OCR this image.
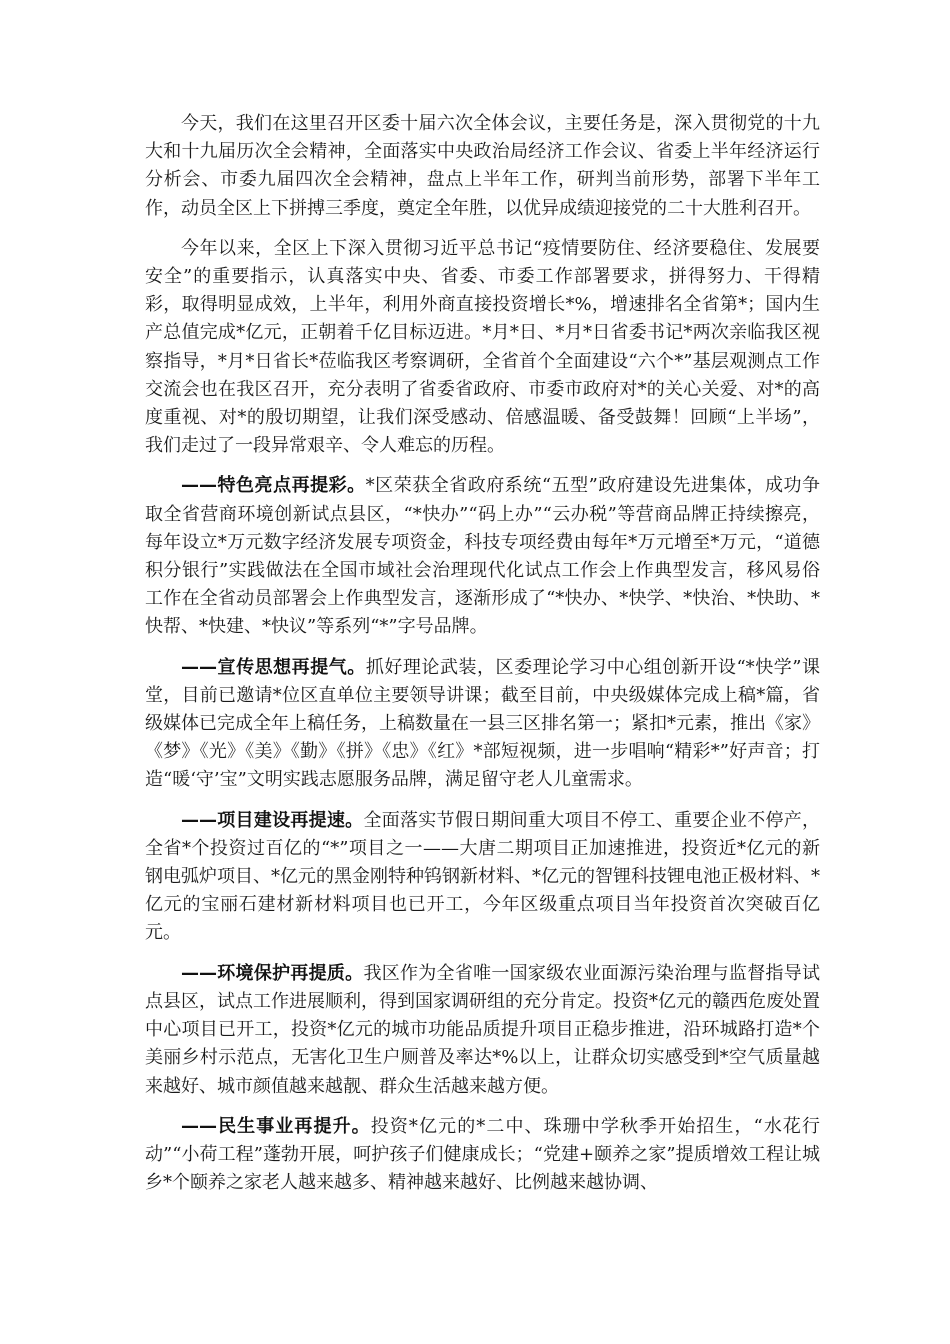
今天，我们在这里召开区委十届六次全体会议，主要任务是，深入贯彻党的十九大和十九届历次全会精神，全面落实中央政治局经济工作会议、省委上半年经济运行分析会、市委九届四次全会精神，盘点上半年工作，研判当前形势，部署下半年工作，动员全区上下拼搏三季度，奠定全年胜，以优异成绩迎接党的二十大胜利召开。

今年以来，全区上下深入贯彻习近平总书记“疫情要防住、经济要稳住、发展要安全”的重要指示，认真落实中央、省委、市委工作部署要求，拼得努力、干得精彩，取得明显成效，上半年，利用外商直接投资增长*%，增速排名全省第*；国内生产总值完成*亿元，正朝着千亿目标迈进。*月*日、*月*日省委书记*两次亲临我区视察指导，*月*日省长*莅临我区考察调研，全省首个全面建设“六个*”基层观测点工作交流会也在我区召开，充分表明了省委省政府、市委市政府对*的关心关爱、对*的高度重视、对*的殷切期望，让我们深受感动、倍感温暖、备受鼓舞！回顾“上半场”，我们走过了一段异常艰辛、令人难忘的历程。

——特色亮点再提彩。*区荣获全省政府系统“五型”政府建设先进集体，成功争取全省营商环境创新试点县区，“*快办”“码上办”“云办税”等营商品牌正持续擦亮，每年设立*万元数字经济发展专项资金，科技专项经费由每年*万元增至*万元，“道德积分银行”实践做法在全国市域社会治理现代化试点工作会上作典型发言，移风易俗工作在全省动员部署会上作典型发言，逐渐形成了“*快办、*快学、*快治、*快助、*快帮、*快建、*快议”等系列“*”字号品牌。

——宣传思想再提气。抓好理论武装，区委理论学习中心组创新开设“*快学”课堂，目前已邀请*位区直单位主要领导讲课；截至目前，中央级媒体完成上稿*篇，省级媒体已完成全年上稿任务，上稿数量在一县三区排名第一；紧扣*元素，推出《家》《梦》《光》《美》《勤》《拼》《忠》《红》*部短视频，进一步唱响“精彩*”好声音；打造“暖‘守’宝”文明实践志愿服务品牌，满足留守老人儿童需求。

——项目建设再提速。全面落实节假日期间重大项目不停工、重要企业不停产，全省*个投资过百亿的“*”项目之一——大唐二期项目正加速推进，投资近*亿元的新钢电弧炉项目、*亿元的黑金刚特种钨钢新材料、*亿元的智锂科技锂电池正极材料、*亿元的宝丽石建材新材料项目也已开工，今年区级重点项目当年投资首次突破百亿元。

——环境保护再提质。我区作为全省唯一国家级农业面源污染治理与监督指导试点县区，试点工作进展顺利，得到国家调研组的充分肯定。投资*亿元的赣西危废处置中心项目已开工，投资*亿元的城市功能品质提升项目正稳步推进，沿环城路打造*个美丽乡村示范点，无害化卫生户厕普及率达*%以上，让群众切实感受到*空气质量越来越好、城市颜值越来越靓、群众生活越来越方便。

——民生事业再提升。投资*亿元的*二中、珠珊中学秋季开始招生，“水花行动”“小荷工程”蓬勃开展，呵护孩子们健康成长；“党建+颐养之家”提质增效工程让城乡*个颐养之家老人越来越多、精神越来越好、比例越来越协调、
